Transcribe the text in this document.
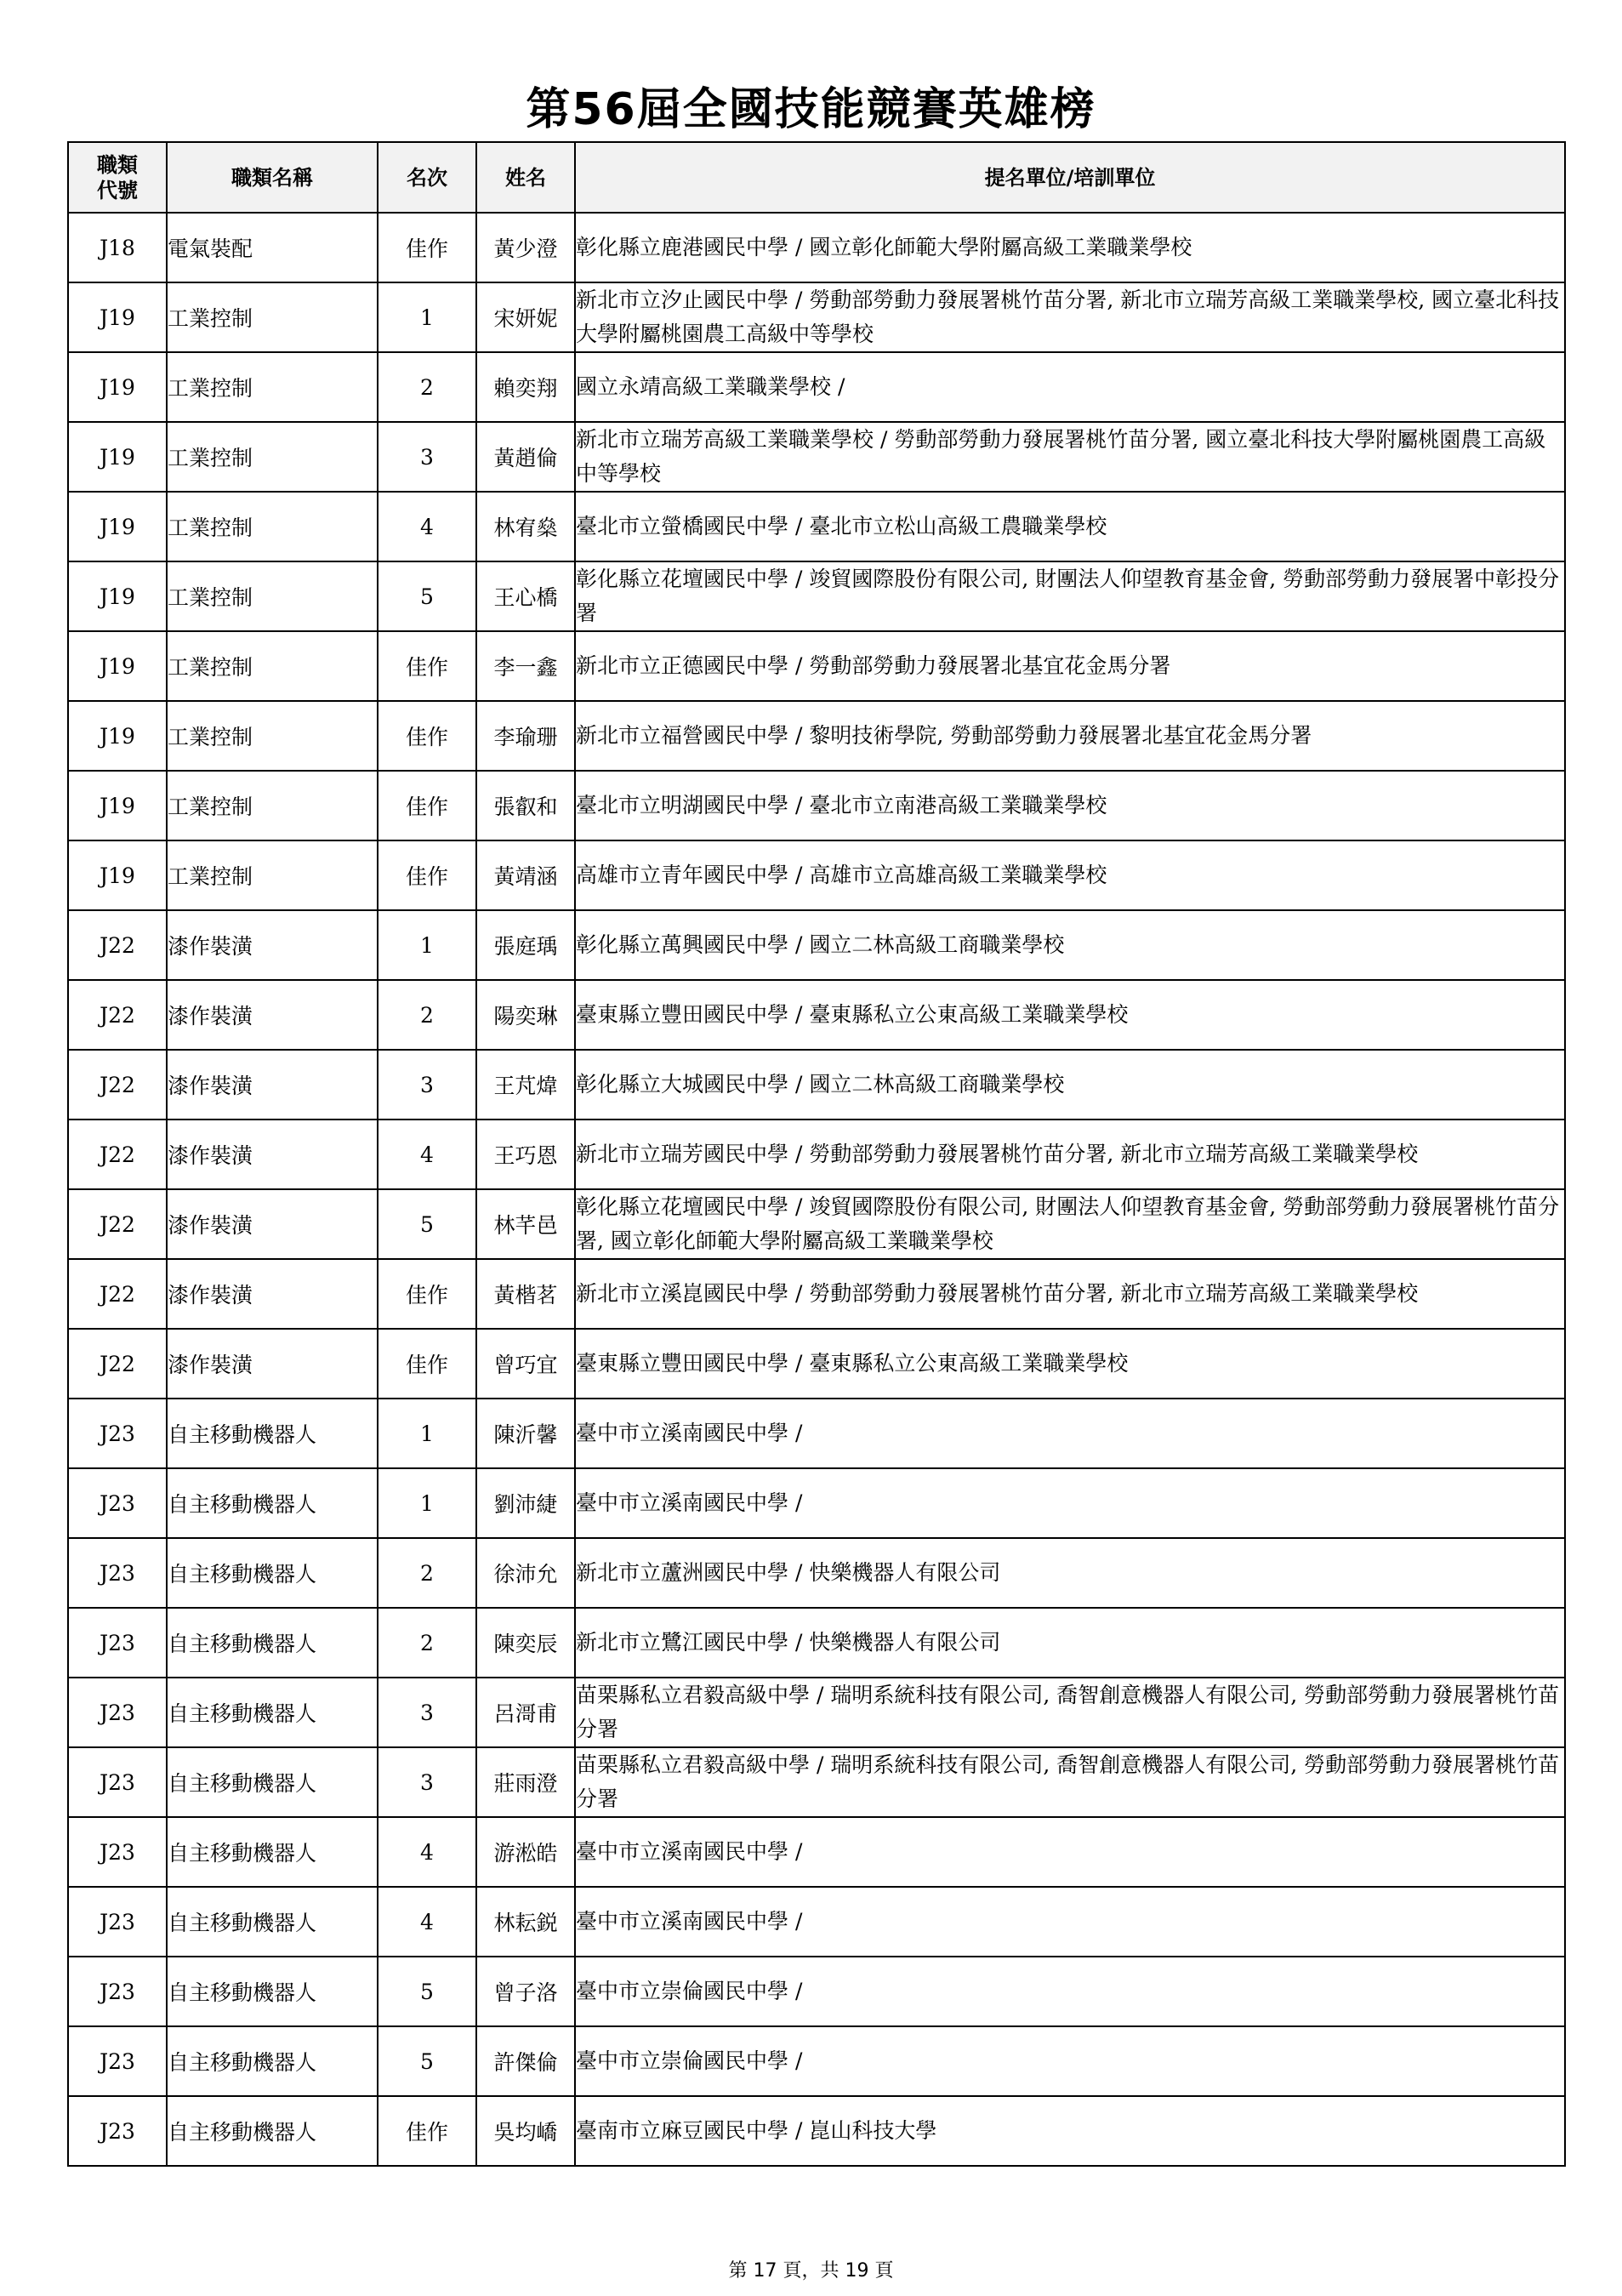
第56屆全國技能競賽英雄榜
職類代號	職類名稱	名次	姓名	提名單位/培訓單位
J18	電氣裝配	佳作	黃少澄	彰化縣立鹿港國民中學 / 國立彰化師範大學附屬高級工業職業學校
J19	工業控制	1	宋妍妮	新北市立汐止國民中學 / 勞動部勞動力發展署桃竹苗分署, 新北市立瑞芳高級工業職業學校, 國立臺北科技大學附屬桃園農工高級中等學校
J19	工業控制	2	賴奕翔	國立永靖高級工業職業學校 /
J19	工業控制	3	黃趙倫	新北市立瑞芳高級工業職業學校 / 勞動部勞動力發展署桃竹苗分署, 國立臺北科技大學附屬桃園農工高級中等學校
J19	工業控制	4	林宥燊	臺北市立螢橋國民中學 / 臺北市立松山高級工農職業學校
J19	工業控制	5	王心橋	彰化縣立花壇國民中學 / 竣貿國際股份有限公司, 財團法人仰望教育基金會, 勞動部勞動力發展署中彰投分署
J19	工業控制	佳作	李一鑫	新北市立正德國民中學 / 勞動部勞動力發展署北基宜花金馬分署
J19	工業控制	佳作	李瑜珊	新北市立福營國民中學 / 黎明技術學院, 勞動部勞動力發展署北基宜花金馬分署
J19	工業控制	佳作	張叡和	臺北市立明湖國民中學 / 臺北市立南港高級工業職業學校
J19	工業控制	佳作	黃靖涵	高雄市立青年國民中學 / 高雄市立高雄高級工業職業學校
J22	漆作裝潢	1	張庭瑀	彰化縣立萬興國民中學 / 國立二林高級工商職業學校
J22	漆作裝潢	2	陽奕琳	臺東縣立豐田國民中學 / 臺東縣私立公東高級工業職業學校
J22	漆作裝潢	3	王芃煒	彰化縣立大城國民中學 / 國立二林高級工商職業學校
J22	漆作裝潢	4	王巧恩	新北市立瑞芳國民中學 / 勞動部勞動力發展署桃竹苗分署, 新北市立瑞芳高級工業職業學校
J22	漆作裝潢	5	林芊邑	彰化縣立花壇國民中學 / 竣貿國際股份有限公司, 財團法人仰望教育基金會, 勞動部勞動力發展署桃竹苗分署, 國立彰化師範大學附屬高級工業職業學校
J22	漆作裝潢	佳作	黃楷茗	新北市立溪崑國民中學 / 勞動部勞動力發展署桃竹苗分署, 新北市立瑞芳高級工業職業學校
J22	漆作裝潢	佳作	曾巧宜	臺東縣立豐田國民中學 / 臺東縣私立公東高級工業職業學校
J23	自主移動機器人	1	陳沂馨	臺中市立溪南國民中學 /
J23	自主移動機器人	1	劉沛緁	臺中市立溪南國民中學 /
J23	自主移動機器人	2	徐沛允	新北市立蘆洲國民中學 / 快樂機器人有限公司
J23	自主移動機器人	2	陳奕辰	新北市立鷺江國民中學 / 快樂機器人有限公司
J23	自主移動機器人	3	呂滒甫	苗栗縣私立君毅高級中學 / 瑞明系統科技有限公司, 喬智創意機器人有限公司, 勞動部勞動力發展署桃竹苗分署
J23	自主移動機器人	3	莊雨澄	苗栗縣私立君毅高級中學 / 瑞明系統科技有限公司, 喬智創意機器人有限公司, 勞動部勞動力發展署桃竹苗分署
J23	自主移動機器人	4	游淞皓	臺中市立溪南國民中學 /
J23	自主移動機器人	4	林耘鋭	臺中市立溪南國民中學 /
J23	自主移動機器人	5	曾子洛	臺中市立崇倫國民中學 /
J23	自主移動機器人	5	許傑倫	臺中市立崇倫國民中學 /
J23	自主移動機器人	佳作	吳均嶠	臺南市立麻豆國民中學 / 崑山科技大學
第 17 頁，共 19 頁
